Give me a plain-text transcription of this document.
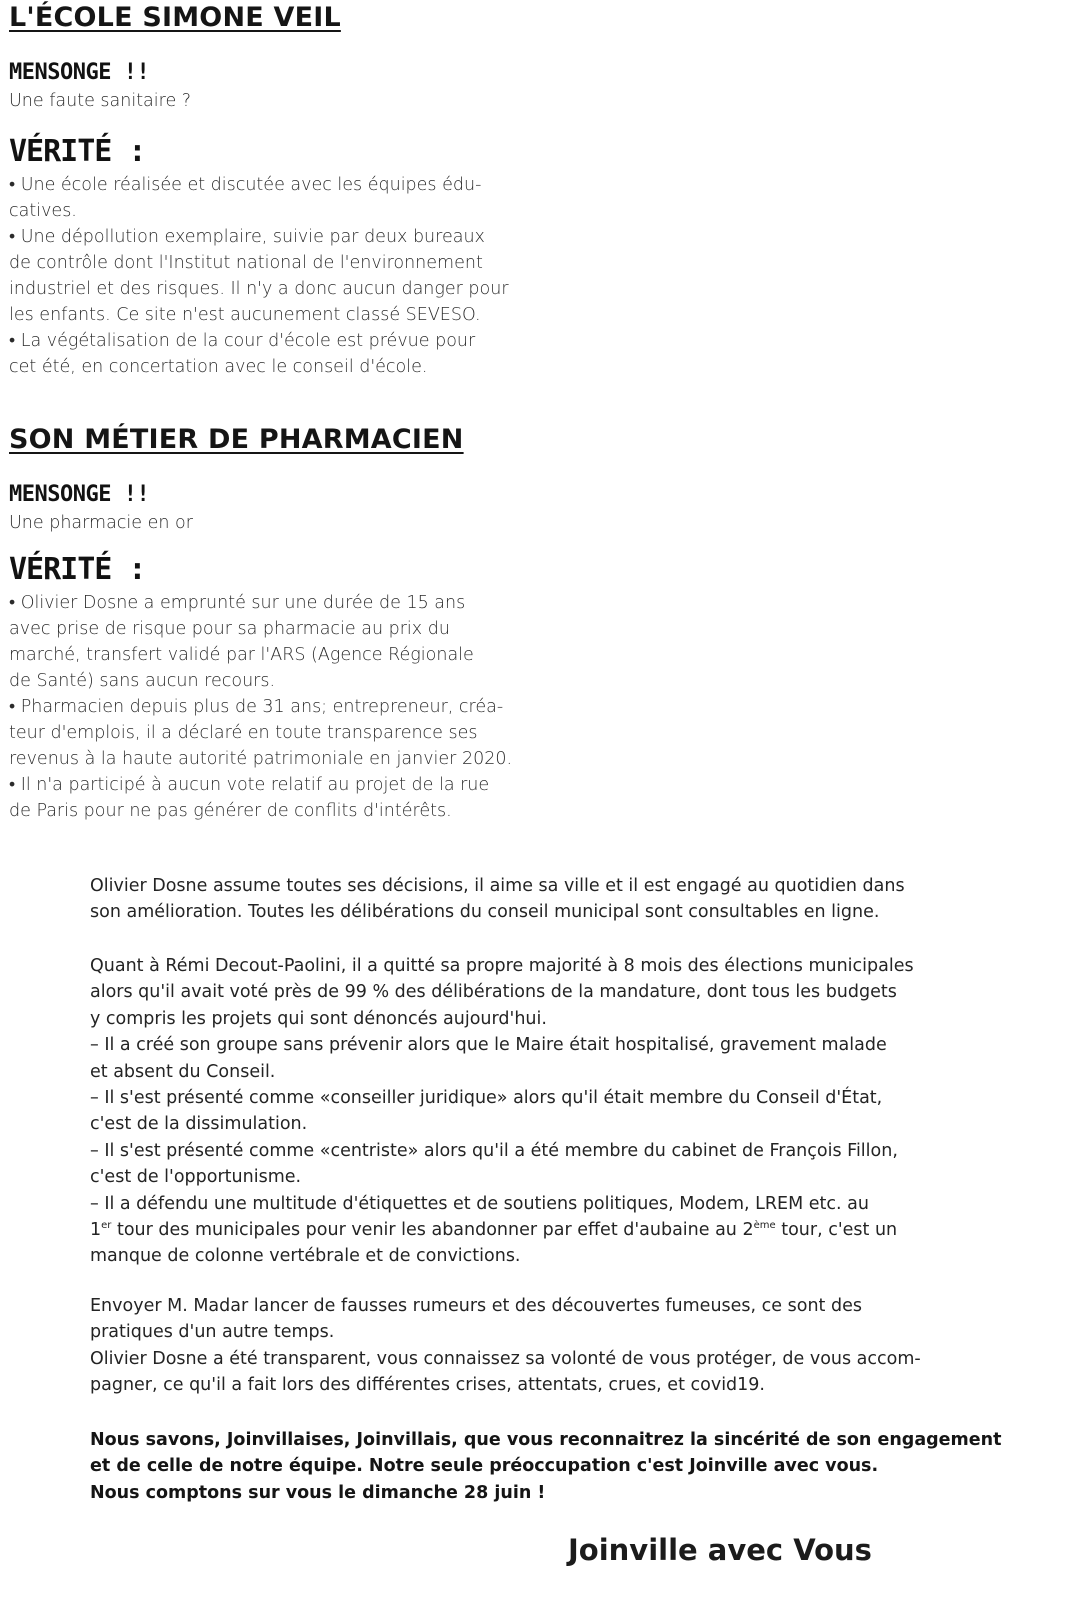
L'ÉCOLE SIMONE VEIL
MENSONGE !!
Une faute sanitaire ?
VÉRITÉ :

• Une école réalisée et discutée avec les équipes édu-
catives.

• Une dépollution exemplaire, suivie par deux bureaux
de contrôle dont l'Institut national de l'environnement
industriel et des risques. Il n'y a donc aucun danger pour
les enfants. Ce site n'est aucunement classé SEVESO.

• La végétalisation de la cour d'école est prévue pour
cet été, en concertation avec le conseil d'école.

SON MÉTIER DE PHARMACIEN
MENSONGE !!
Une pharmacie en or
VÉRITÉ :

• Olivier Dosne a emprunté sur une durée de 15 ans
avec prise de risque pour sa pharmacie au prix du
marché, transfert validé par l'ARS (Agence Régionale
de Santé) sans aucun recours.

• Pharmacien depuis plus de 31 ans; entrepreneur, créa-
teur d'emplois, il a déclaré en toute transparence ses
revenus à la haute autorité patrimoniale en janvier 2020.

• Il n'a participé à aucun vote relatif au projet de la rue
de Paris pour ne pas générer de conflits d'intérêts.

Olivier Dosne assume toutes ses décisions, il aime sa ville et il est engagé au quotidien dans
son amélioration. Toutes les délibérations du conseil municipal sont consultables en ligne.
Quant à Rémi Decout-Paolini, il a quitté sa propre majorité à 8 mois des élections municipales
alors qu'il avait voté près de 99 % des délibérations de la mandature, dont tous les budgets
y compris les projets qui sont dénoncés aujourd'hui.
– Il a créé son groupe sans prévenir alors que le Maire était hospitalisé, gravement malade
et absent du Conseil.
– Il s'est présenté comme «conseiller juridique» alors qu'il était membre du Conseil d'État,
c'est de la dissimulation.
– Il s'est présenté comme «centriste» alors qu'il a été membre du cabinet de François Fillon,
c'est de l'opportunisme.
– Il a défendu une multitude d'étiquettes et de soutiens politiques, Modem, LREM etc. au
1er tour des municipales pour venir les abandonner par effet d'aubaine au 2ème tour, c'est un
manque de colonne vertébrale et de convictions.
Envoyer M. Madar lancer de fausses rumeurs et des découvertes fumeuses, ce sont des
pratiques d'un autre temps.
Olivier Dosne a été transparent, vous connaissez sa volonté de vous protéger, de vous accom-
pagner, ce qu'il a fait lors des différentes crises, attentats, crues, et covid19.
Nous savons, Joinvillaises, Joinvillais, que vous reconnaitrez la sincérité de son engagement
et de celle de notre équipe. Notre seule préoccupation c'est Joinville avec vous.
Nous comptons sur vous le dimanche 28 juin !
Joinville avec Vous
